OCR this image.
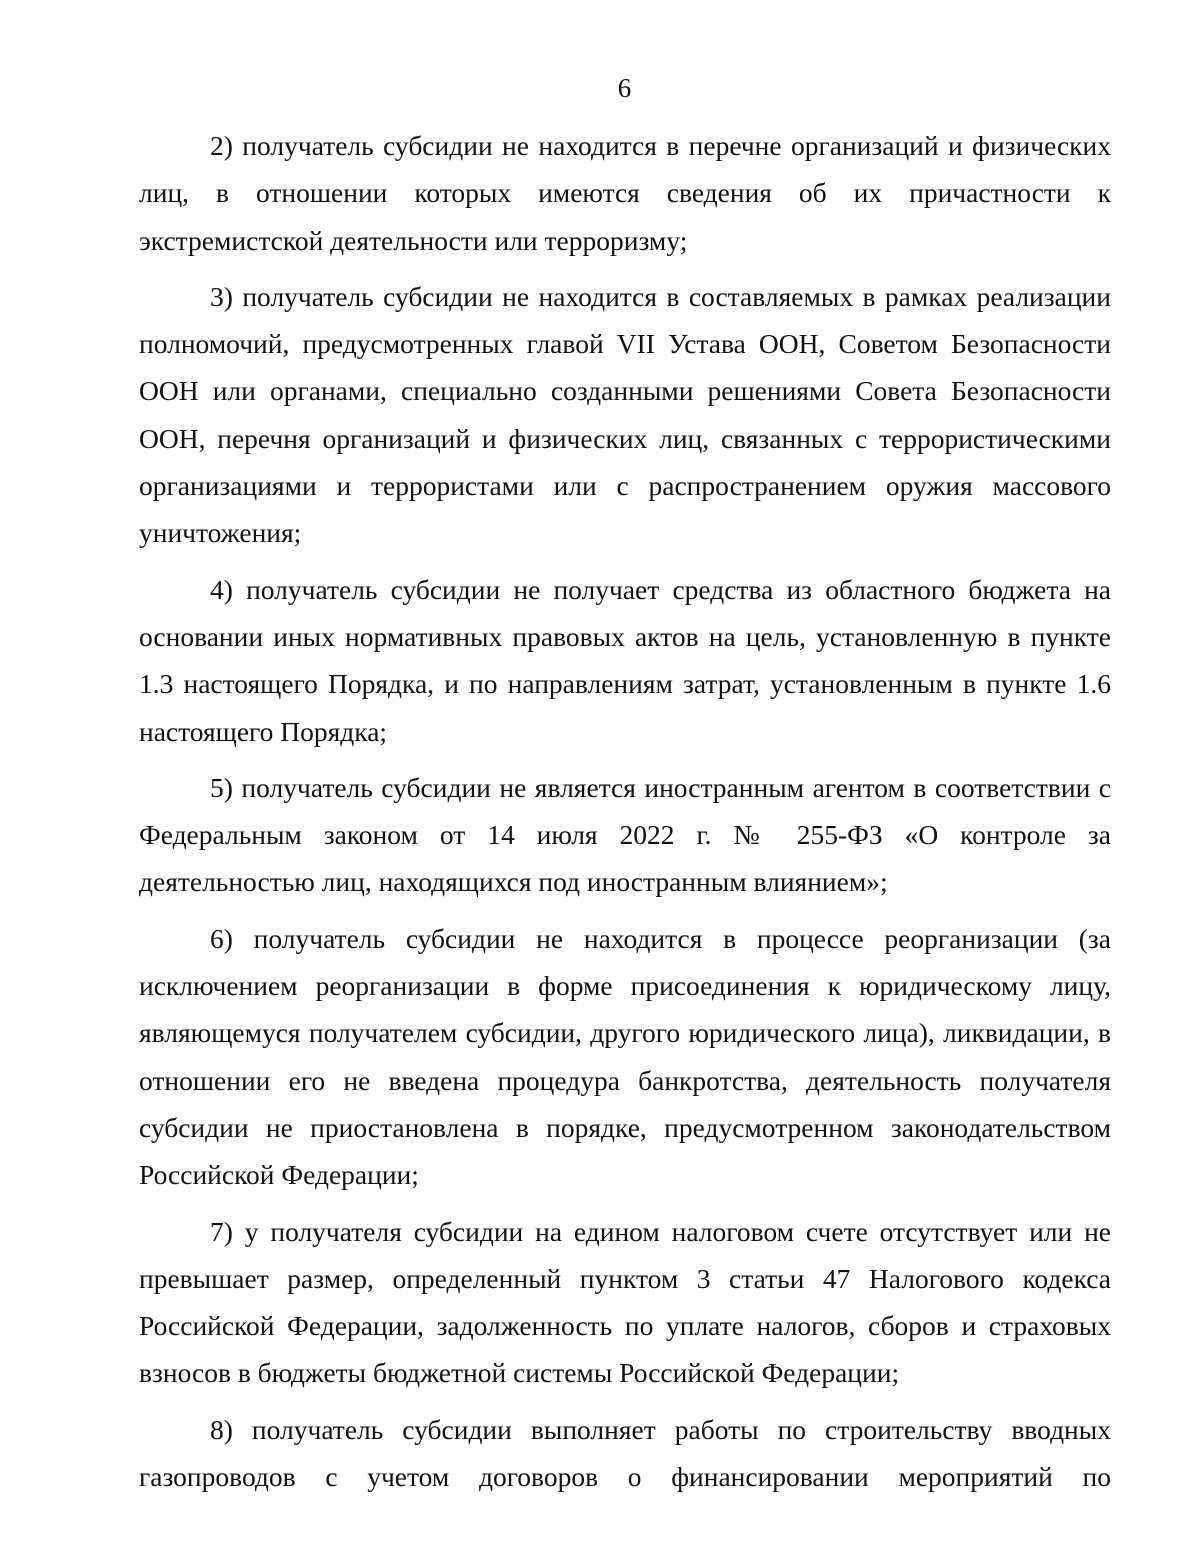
6

2) получатель субсидии не находится в перечне организаций и физических лиц, в отношении которых имеются сведения об их причастности к экстремистской деятельности или терроризму;

3) получатель субсидии не находится в составляемых в рамках реализации полномочий, предусмотренных главой VII Устава ООН, Советом Безопасности ООН или органами, специально созданными решениями Совета Безопасности ООН, перечня организаций и физических лиц, связанных с террористическими организациями и террористами или с распространением оружия массового уничтожения;

4) получатель субсидии не получает средства из областного бюджета на основании иных нормативных правовых актов на цель, установленную в пункте 1.3 настоящего Порядка, и по направлениям затрат, установленным в пункте 1.6 настоящего Порядка;

5) получатель субсидии не является иностранным агентом в соответствии с Федеральным законом от 14 июля 2022 г. № 255-ФЗ «О контроле за деятельностью лиц, находящихся под иностранным влиянием»;

6) получатель субсидии не находится в процессе реорганизации (за исключением реорганизации в форме присоединения к юридическому лицу, являющемуся получателем субсидии, другого юридического лица), ликвидации, в отношении его не введена процедура банкротства, деятельность получателя субсидии не приостановлена в порядке, предусмотренном законодательством Российской Федерации;

7) у получателя субсидии на едином налоговом счете отсутствует или не превышает размер, определенный пунктом 3 статьи 47 Налогового кодекса Российской Федерации, задолженность по уплате налогов, сборов и страховых взносов в бюджеты бюджетной системы Российской Федерации;

8) получатель субсидии выполняет работы по строительству вводных газопроводов с учетом договоров о финансировании мероприятий по
